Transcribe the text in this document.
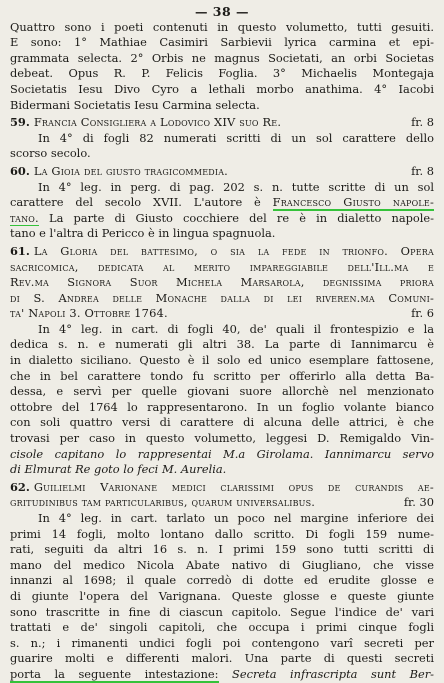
— 38 —
Quattro sono i poeti contenuti in questo volumetto, tutti gesuiti.
E sono: 1° Mathiae Casimiri Sarbievii lyrica carmina et epi-
grammata selecta. 2° Orbis ne magnus Societati, an orbi Societas
debeat. Opus R. P. Felicis Foglia. 3° Michaelis Montegaja
Societatis Iesu Divo Cyro a lethali morbo anathima. 4° Iacobi
Bidermani Societatis Iesu Carmina selecta.
59. Francia Consigliera a Lodovico XIV suo Re.	fr. 8
In 4° di fogli 82 numerati scritti di un sol carattere dello
scorso secolo.
60. La Gioia del giusto tragicommedia.	fr. 8
In 4° leg. in perg. di pag. 202 s. n. tutte scritte di un sol
carattere del secolo XVII. L'autore è Francesco Giusto napole-
tano. La parte di Giusto cocchiere del re è in dialetto napole-
tano e l'altra di Pericco è in lingua spagnuola.
61. La Gloria del battesimo, o sia la fede in trionfo. Opera
sacricomica, dedicata al merito impareggiabile dell'Ill.ma e
Rev.ma Signora Suor Michela Marsarola, degnissima priora
di S. Andrea delle Monache dalla di lei riveren.ma Comuni-
ta' Napoli 3. Ottobre 1764.	fr. 6
In 4° leg. in cart. di fogli 40, de' quali il frontespizio e la
dedica s. n. e numerati gli altri 38. La parte di Iannimarcu è
in dialetto siciliano. Questo è il solo ed unico esemplare fattosene,
che in bel carattere tondo fu scritto per offerirlo alla detta Ba-
dessa, e servì per quelle giovani suore allorchè nel menzionato
ottobre del 1764 lo rappresentarono. In un foglio volante bianco
con soli quattro versi di carattere di alcuna delle attrici, è che
trovasi per caso in questo volumetto, leggesi D. Remigaldo Vin-
cisole capitano lo rappresentai M.a Girolama. Iannimarcu servo
di Elmurat Re goto lo feci M. Aurelia.
62. Guilielmi Varionane medici clarissimi opus de curandis ae-
gritudinibus tam particularibus, quarum universalibus.	fr. 30
In 4° leg. in cart. tarlato un poco nel margine inferiore dei
primi 14 fogli, molto lontano dallo scritto. Di fogli 159 nume-
rati, seguiti da altri 16 s. n. I primi 159 sono tutti scritti di
mano del medico Nicola Abate nativo di Giugliano, che visse
innanzi al 1698; il quale corredò di dotte ed erudite glosse e
di giunte l'opera del Varignana. Queste glosse e queste giunte
sono trascritte in fine di ciascun capitolo. Segue l'indice de' vari
trattati e de' singoli capitoli, che occupa i primi cinque fogli
s. n.; i rimanenti undici fogli poi contengono varî secreti per
guarire molti e differenti malori. Una parte di questi secreti
porta la seguente intestazione: Secreta infrascripta sunt Ber-
